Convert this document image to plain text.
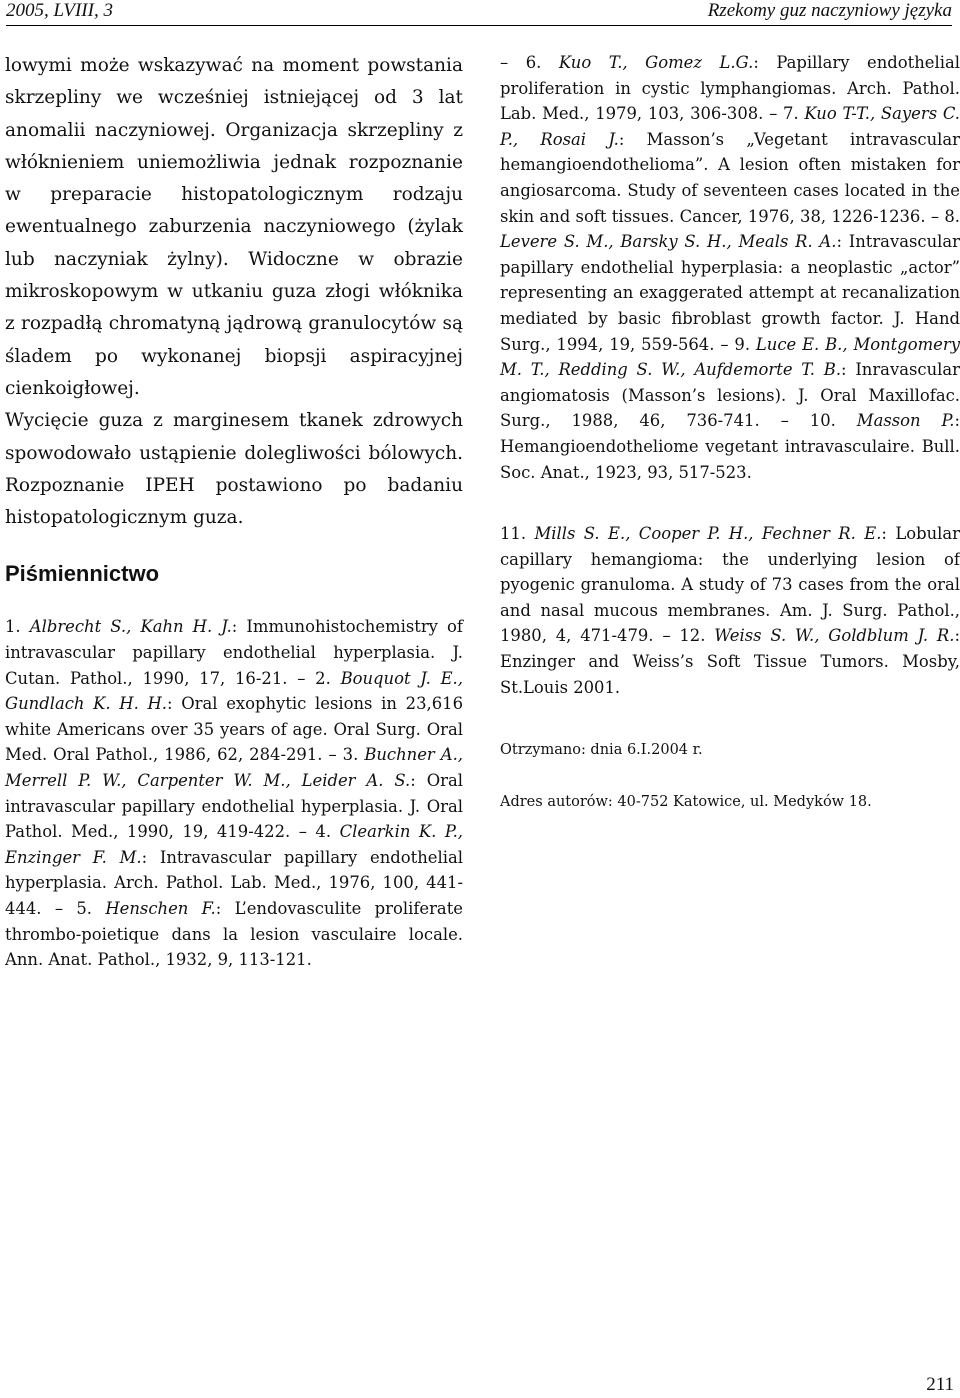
2005, LVIII, 3	Rzekomy guz naczyniowy języka

lowymi może wskazywać na moment powstania skrzepliny we wcześniej istniejącej od 3 lat anomalii naczyniowej. Organizacja skrzepliny z włóknieniem uniemożliwia jednak rozpoznanie w preparacie histopatologicznym rodzaju ewentualnego zaburzenia naczyniowego (żylak lub naczyniak żylny). Widoczne w obrazie mikroskopowym w utkaniu guza złogi włóknika z rozpadłą chromatyną jądrową granulocytów są śladem po wykonanej biopsji aspiracyjnej cienkoigłowej.

Wycięcie guza z marginesem tkanek zdrowych spowodowało ustąpienie dolegliwości bólowych. Rozpoznanie IPEH postawiono po badaniu histopatologicznym guza.

Piśmiennictwo

1. Albrecht S., Kahn H. J.: Immunohistochemistry of intravascular papillary endothelial hyperplasia. J. Cutan. Pathol., 1990, 17, 16-21. – 2. Bouquot J. E., Gundlach K. H. H.: Oral exophytic lesions in 23,616 white Americans over 35 years of age. Oral Surg. Oral Med. Oral Pathol., 1986, 62, 284-291. – 3. Buchner A., Merrell P. W., Carpenter W. M., Leider A. S.: Oral intravascular papillary endothelial hyperplasia. J. Oral Pathol. Med., 1990, 19, 419-422. – 4. Clearkin K. P., Enzinger F. M.: Intravascular papillary endothelial hyperplasia. Arch. Pathol. Lab. Med., 1976, 100, 441-444. – 5. Henschen F.: L’endovasculite proliferate thrombo-poietique dans la lesion vasculaire locale. Ann. Anat. Pathol., 1932, 9, 113-121.

– 6. Kuo T., Gomez L.G.: Papillary endothelial proliferation in cystic lymphangiomas. Arch. Pathol. Lab. Med., 1979, 103, 306-308. – 7. Kuo T-T., Sayers C. P., Rosai J.: Masson’s „Vegetant intravascular hemangioendothelioma”. A lesion often mistaken for angiosarcoma. Study of seventeen cases located in the skin and soft tissues. Cancer, 1976, 38, 1226-1236. – 8. Levere S. M., Barsky S. H., Meals R. A.: Intravascular papillary endothelial hyperplasia: a neoplastic „actor” representing an exaggerated attempt at recanalization mediated by basic fibroblast growth factor. J. Hand Surg., 1994, 19, 559-564. – 9. Luce E. B., Montgomery M. T., Redding S. W., Aufdemorte T. B.: Inravascular angiomatosis (Masson’s lesions). J. Oral Maxillofac. Surg., 1988, 46, 736-741. – 10. Masson P.: Hemangioendotheliome vegetant intravasculaire. Bull. Soc. Anat., 1923, 93, 517-523.

11. Mills S. E., Cooper P. H., Fechner R. E.: Lobular capillary hemangioma: the underlying lesion of pyogenic granuloma. A study of 73 cases from the oral and nasal mucous membranes. Am. J. Surg. Pathol., 1980, 4, 471-479. – 12. Weiss S. W., Goldblum J. R.: Enzinger and Weiss’s Soft Tissue Tumors. Mosby, St.Louis 2001.

Otrzymano: dnia 6.I.2004 r.

Adres autorów: 40-752 Katowice, ul. Medyków 18.

211
